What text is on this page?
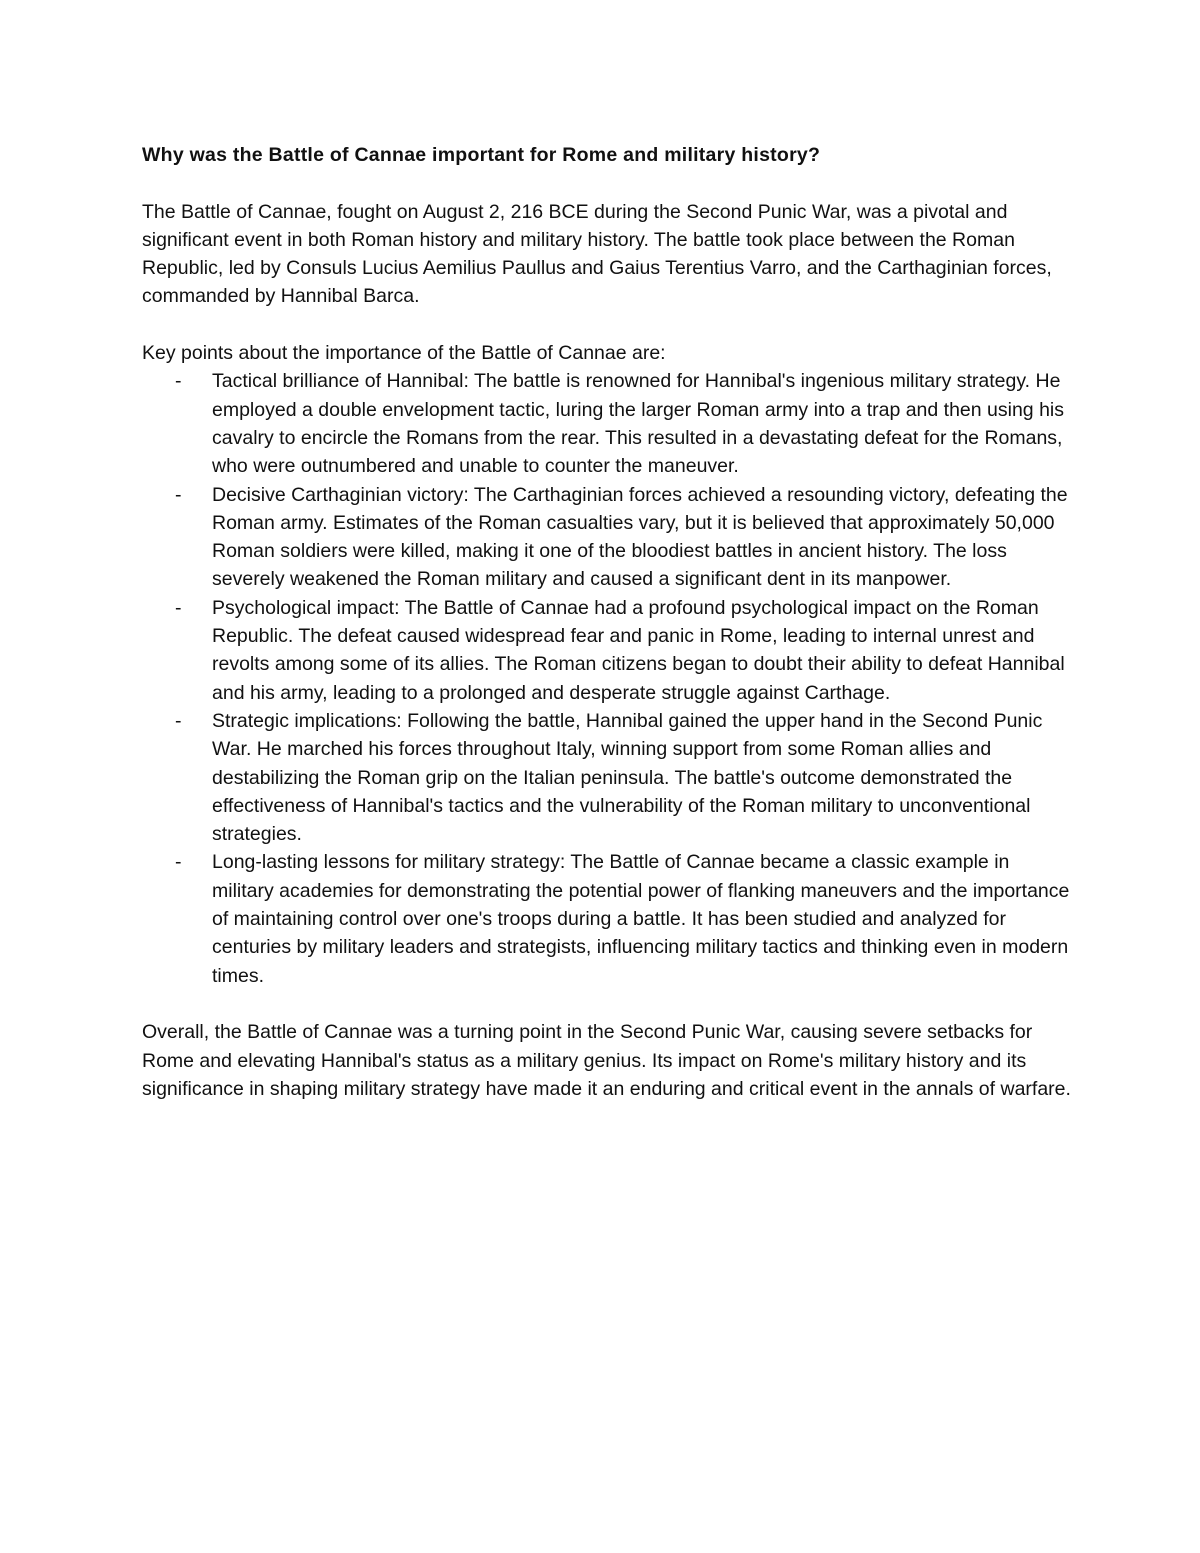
Why was the Battle of Cannae important for Rome and military history?

The Battle of Cannae, fought on August 2, 216 BCE during the Second Punic War, was a pivotal and significant event in both Roman history and military history. The battle took place between the Roman Republic, led by Consuls Lucius Aemilius Paullus and Gaius Terentius Varro, and the Carthaginian forces, commanded by Hannibal Barca.

Key points about the importance of the Battle of Cannae are:

- Tactical brilliance of Hannibal: The battle is renowned for Hannibal's ingenious military strategy. He employed a double envelopment tactic, luring the larger Roman army into a trap and then using his cavalry to encircle the Romans from the rear. This resulted in a devastating defeat for the Romans, who were outnumbered and unable to counter the maneuver.
- Decisive Carthaginian victory: The Carthaginian forces achieved a resounding victory, defeating the Roman army. Estimates of the Roman casualties vary, but it is believed that approximately 50,000 Roman soldiers were killed, making it one of the bloodiest battles in ancient history. The loss severely weakened the Roman military and caused a significant dent in its manpower.
- Psychological impact: The Battle of Cannae had a profound psychological impact on the Roman Republic. The defeat caused widespread fear and panic in Rome, leading to internal unrest and revolts among some of its allies. The Roman citizens began to doubt their ability to defeat Hannibal and his army, leading to a prolonged and desperate struggle against Carthage.
- Strategic implications: Following the battle, Hannibal gained the upper hand in the Second Punic War. He marched his forces throughout Italy, winning support from some Roman allies and destabilizing the Roman grip on the Italian peninsula. The battle's outcome demonstrated the effectiveness of Hannibal's tactics and the vulnerability of the Roman military to unconventional strategies.
- Long-lasting lessons for military strategy: The Battle of Cannae became a classic example in military academies for demonstrating the potential power of flanking maneuvers and the importance of maintaining control over one's troops during a battle. It has been studied and analyzed for centuries by military leaders and strategists, influencing military tactics and thinking even in modern times.

Overall, the Battle of Cannae was a turning point in the Second Punic War, causing severe setbacks for Rome and elevating Hannibal's status as a military genius. Its impact on Rome's military history and its significance in shaping military strategy have made it an enduring and critical event in the annals of warfare.
